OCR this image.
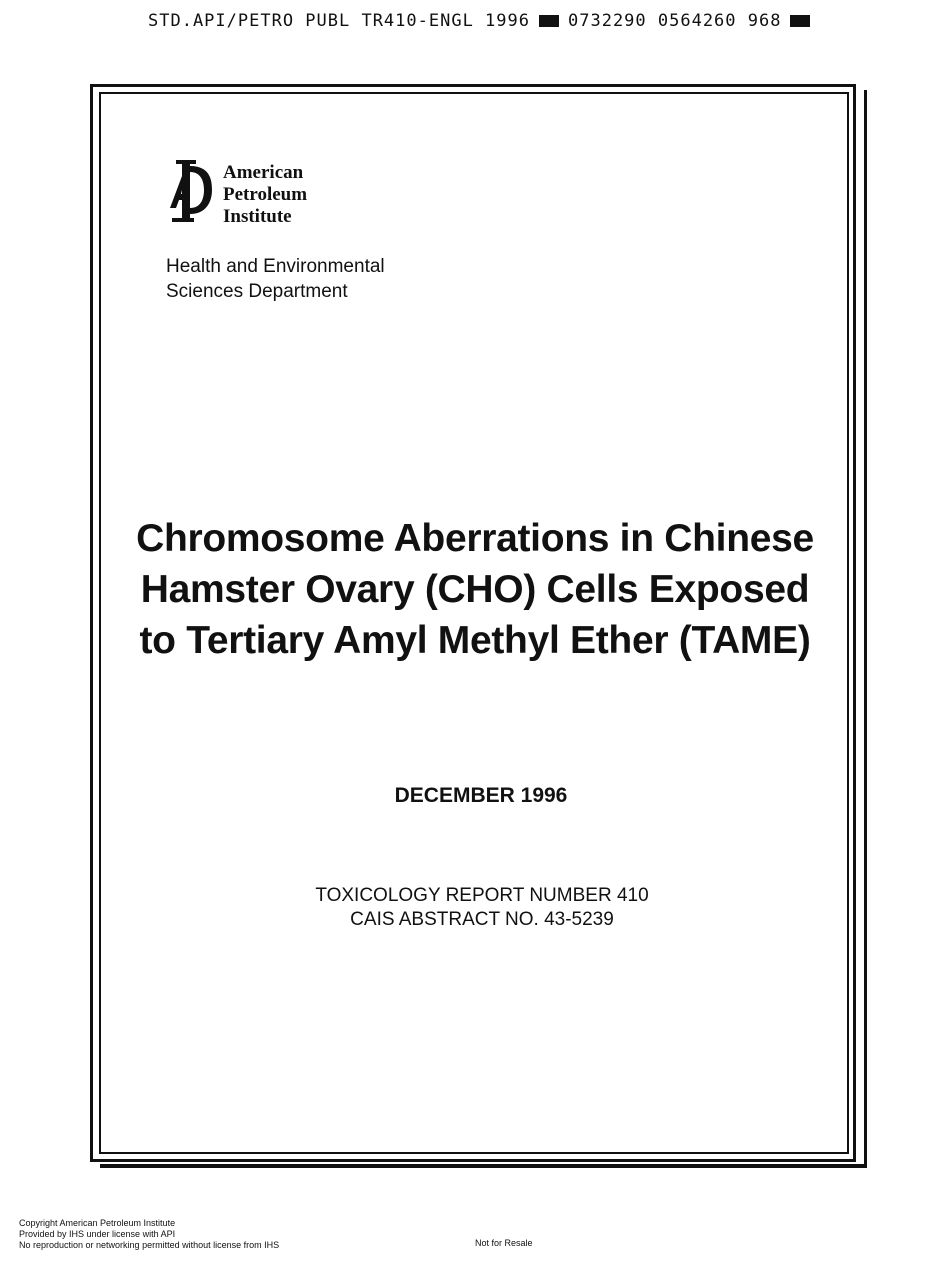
STD.API/PETRO PUBL TR410-ENGL 1996 0732290 0564260 968
American
Petroleum
Institute
Health and Environmental
Sciences Department
Chromosome Aberrations in Chinese
Hamster Ovary (CHO) Cells Exposed
to Tertiary Amyl Methyl Ether (TAME)
DECEMBER 1996
TOXICOLOGY REPORT NUMBER 410
CAIS ABSTRACT NO. 43-5239
Copyright American Petroleum Institute
Provided by IHS under license with API
No reproduction or networking permitted without license from IHS	Not for Resale
